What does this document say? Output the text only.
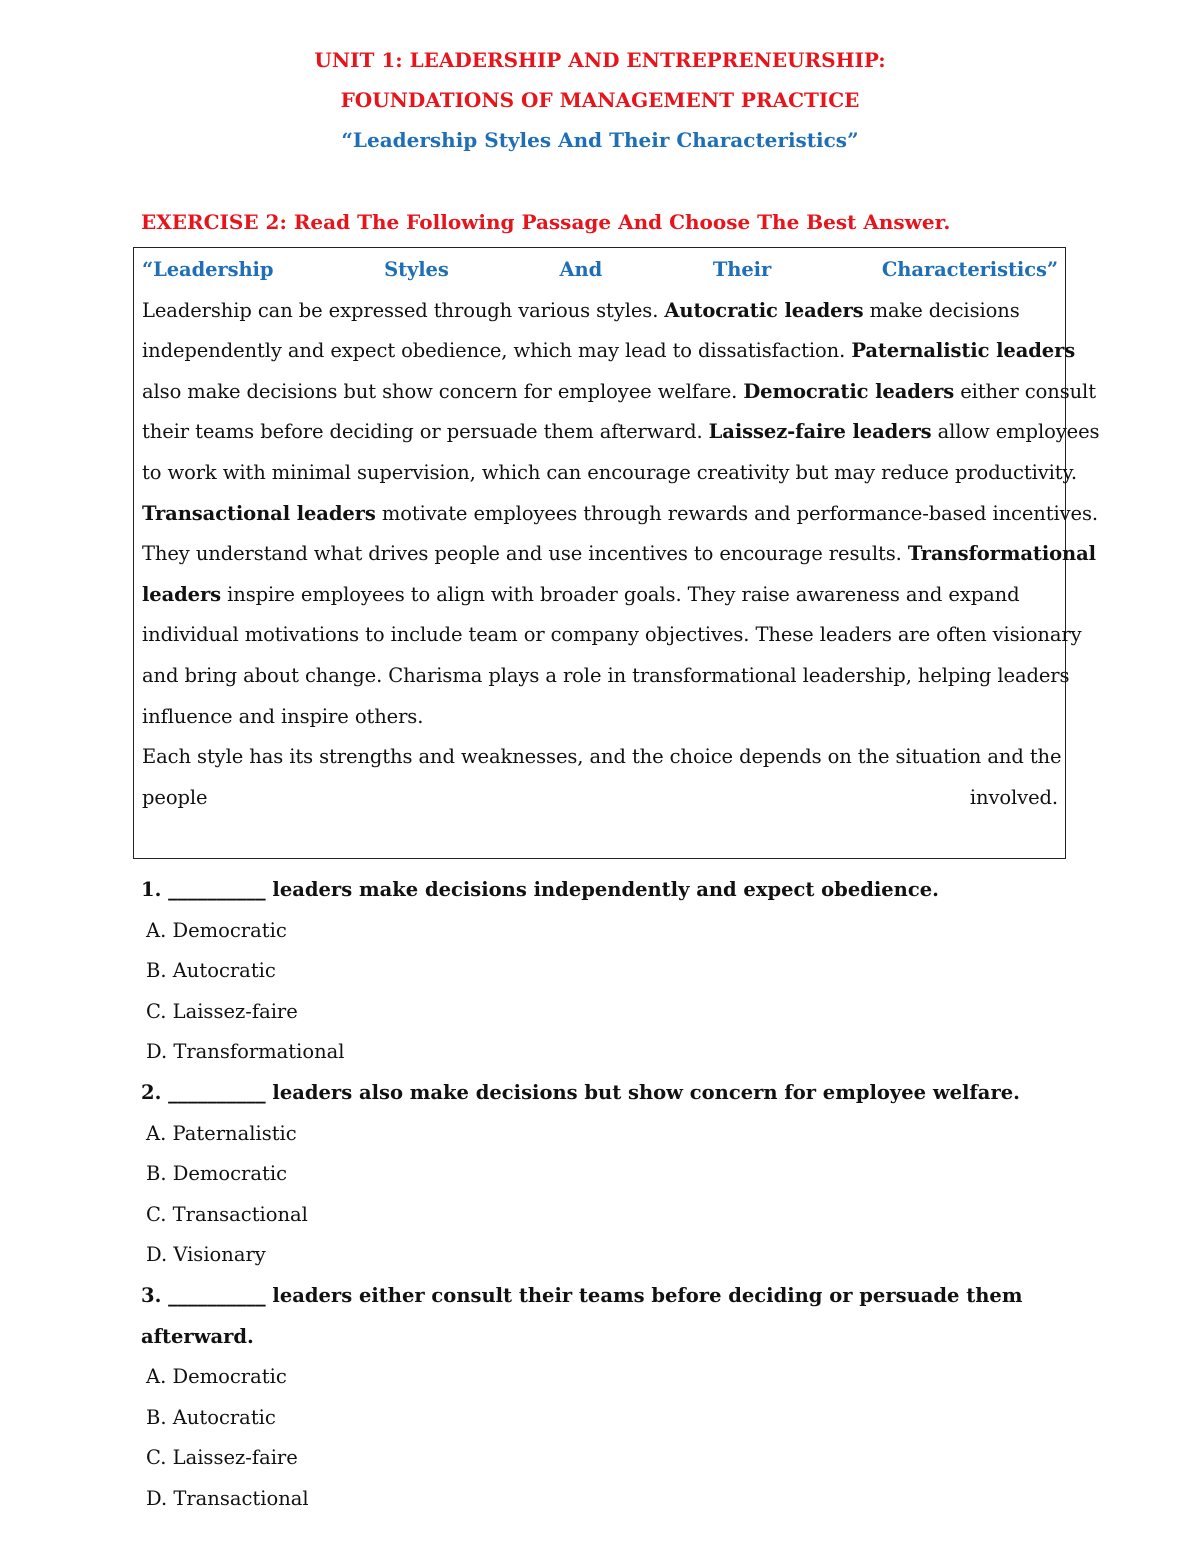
UNIT 1: LEADERSHIP AND ENTREPRENEURSHIP:
FOUNDATIONS OF MANAGEMENT PRACTICE
“Leadership Styles And Their Characteristics”
EXERCISE 2: Read The Following Passage And Choose The Best Answer.
“Leadership	Styles	And	Their	Characteristics”
Leadership can be expressed through various styles. Autocratic leaders make decisions
independently and expect obedience, which may lead to dissatisfaction. Paternalistic leaders
also make decisions but show concern for employee welfare. Democratic leaders either consult
their teams before deciding or persuade them afterward. Laissez-faire leaders allow employees
to work with minimal supervision, which can encourage creativity but may reduce productivity.
Transactional leaders motivate employees through rewards and performance-based incentives.
They understand what drives people and use incentives to encourage results. Transformational
leaders inspire employees to align with broader goals. They raise awareness and expand
individual motivations to include team or company objectives. These leaders are often visionary
and bring about change. Charisma plays a role in transformational leadership, helping leaders
influence and inspire others.
Each style has its strengths and weaknesses, and the choice depends on the situation and the
people	involved.
1. __________ leaders make decisions independently and expect obedience.
A. Democratic
B. Autocratic
C. Laissez-faire
D. Transformational
2. __________ leaders also make decisions but show concern for employee welfare.
A. Paternalistic
B. Democratic
C. Transactional
D. Visionary
3. __________ leaders either consult their teams before deciding or persuade them
afterward.
A. Democratic
B. Autocratic
C. Laissez-faire
D. Transactional
